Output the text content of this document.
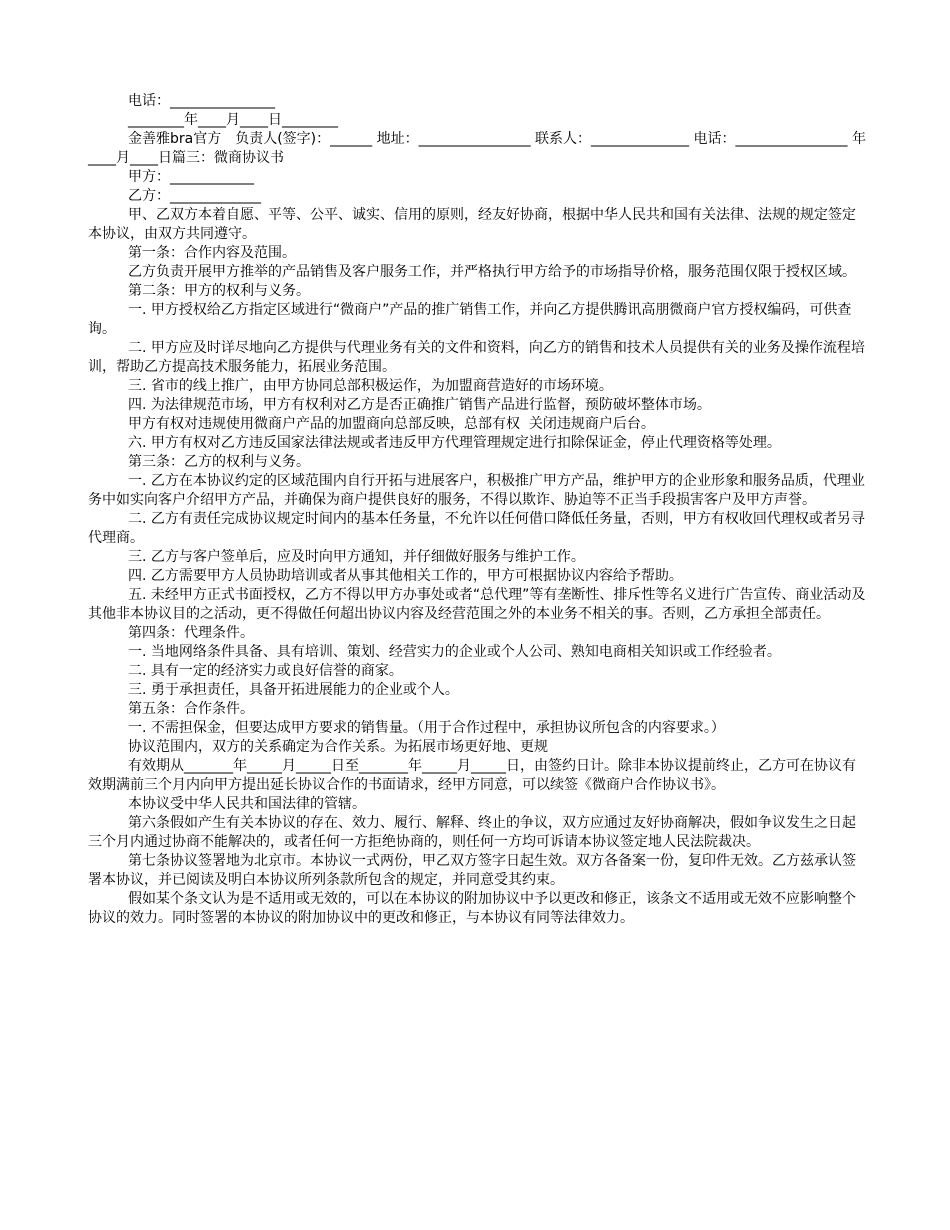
电话：_______________

________年____月____日________

金善雅bra官方　负责人(签字)：______ 地址：________________ 联系人：______________ 电话：________________ 年____月____日篇三：微商协议书

甲方：____________

乙方：_____________

甲、乙双方本着自愿、平等、公平、诚实、信用的原则，经友好协商，根据中华人民共和国有关法律、法规的规定签定本协议，由双方共同遵守。

第一条：合作内容及范围。

乙方负责开展甲方推举的产品销售及客户服务工作，并严格执行甲方给予的市场指导价格，服务范围仅限于授权区域。

第二条：甲方的权利与义务。

一. 甲方授权给乙方指定区域进行“微商户”产品的推广销售工作，并向乙方提供腾讯高朋微商户官方授权编码，可供查询。

二. 甲方应及时详尽地向乙方提供与代理业务有关的文件和资料，向乙方的销售和技术人员提供有关的业务及操作流程培训，帮助乙方提高技术服务能力，拓展业务范围。

三. 省市的线上推广，由甲方协同总部积极运作，为加盟商营造好的市场环境。

四. 为法律规范市场，甲方有权利对乙方是否正确推广销售产品进行监督，预防破坏整体市场。

甲方有权对违规使用微商户产品的加盟商向总部反映，总部有权  关闭违规商户后台。

六. 甲方有权对乙方违反国家法律法规或者违反甲方代理管理规定进行扣除保证金，停止代理资格等处理。

第三条：乙方的权利与义务。

一. 乙方在本协议约定的区域范围内自行开拓与进展客户，积极推广甲方产品，维护甲方的企业形象和服务品质，代理业务中如实向客户介绍甲方产品，并确保为商户提供良好的服务，不得以欺诈、胁迫等不正当手段损害客户及甲方声誉。

二. 乙方有责任完成协议规定时间内的基本任务量，不允许以任何借口降低任务量，否则，甲方有权收回代理权或者另寻代理商。

三. 乙方与客户签单后，应及时向甲方通知，并仔细做好服务与维护工作。

四. 乙方需要甲方人员协助培训或者从事其他相关工作的，甲方可根据协议内容给予帮助。

五. 未经甲方正式书面授权，乙方不得以甲方办事处或者“总代理”等有垄断性、排斥性等名义进行广告宣传、商业活动及其他非本协议目的之活动，更不得做任何超出协议内容及经营范围之外的本业务不相关的事。否则，乙方承担全部责任。

第四条：代理条件。

一. 当地网络条件具备、具有培训、策划、经营实力的企业或个人公司、熟知电商相关知识或工作经验者。

二. 具有一定的经济实力或良好信誉的商家。

三. 勇于承担责任，具备开拓进展能力的企业或个人。

第五条：合作条件。

一. 不需担保金，但要达成甲方要求的销售量。（用于合作过程中，承担协议所包含的内容要求。）

协议范围内，双方的关系确定为合作关系。为拓展市场更好地、更规

有效期从_______年_____月_____日至_______年_____月_____日，由签约日计。除非本协议提前终止，乙方可在协议有效期满前三个月内向甲方提出延长协议合作的书面请求，经甲方同意，可以续签《微商户合作协议书》。

本协议受中华人民共和国法律的管辖。

第六条假如产生有关本协议的存在、效力、履行、解释、终止的争议，双方应通过友好协商解决，假如争议发生之日起三个月内通过协商不能解决的，或者任何一方拒绝协商的，则任何一方均可诉请本协议签定地人民法院裁决。

第七条协议签署地为北京市。本协议一式两份，甲乙双方签字日起生效。双方各备案一份，复印件无效。乙方兹承认签署本协议，并已阅读及明白本协议所列条款所包含的规定，并同意受其约束。

假如某个条文认为是不适用或无效的，可以在本协议的附加协议中予以更改和修正，该条文不适用或无效不应影响整个协议的效力。同时签署的本协议的附加协议中的更改和修正，与本协议有同等法律效力。
